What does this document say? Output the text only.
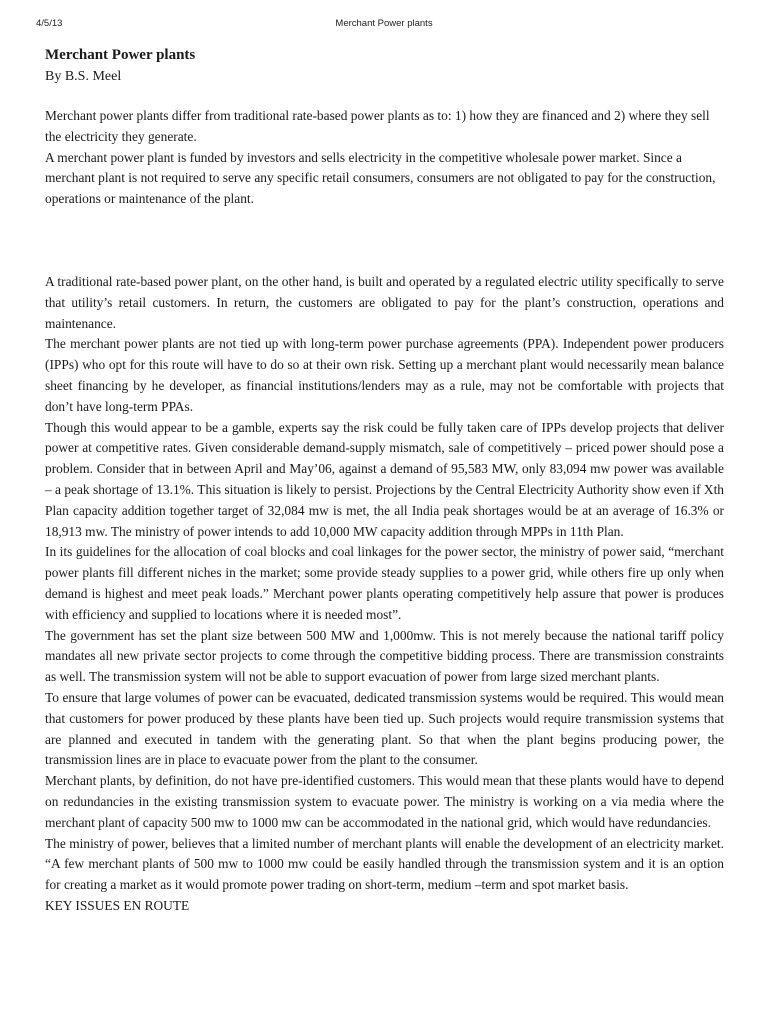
4/5/13	Merchant Power plants

Merchant Power plants

By B.S. Meel

Merchant power plants differ from traditional rate-based power plants as to: 1) how they are financed and 2) where they sell the electricity they generate.

A merchant power plant is funded by investors and sells electricity in the competitive wholesale power market. Since a merchant plant is not required to serve any specific retail consumers, consumers are not obligated to pay for the construction, operations or maintenance of the plant.

A traditional rate-based power plant, on the other hand, is built and operated by a regulated electric utility specifically to serve that utility’s retail customers. In return, the customers are obligated to pay for the plant’s construction, operations and maintenance.

The merchant power plants are not tied up with long-term power purchase agreements (PPA). Independent power producers (IPPs) who opt for this route will have to do so at their own risk. Setting up a merchant plant would necessarily mean balance sheet financing by he developer, as financial institutions/lenders may as a rule, may not be comfortable with projects that don’t have long-term PPAs.

Though this would appear to be a gamble, experts say the risk could be fully taken care of IPPs develop projects that deliver power at competitive rates. Given considerable demand-supply mismatch, sale of competitively – priced power should pose a problem. Consider that in between April and May’06, against a demand of 95,583 MW, only 83,094 mw power was available – a peak shortage of 13.1%. This situation is likely to persist. Projections by the Central Electricity Authority show even if Xth Plan capacity addition together target of 32,084 mw is met, the all India peak shortages would be at an average of 16.3% or 18,913 mw. The ministry of power intends to add 10,000 MW capacity addition through MPPs in 11th Plan.

In its guidelines for the allocation of coal blocks and coal linkages for the power sector, the ministry of power said, “merchant power plants fill different niches in the market; some provide steady supplies to a power grid, while others fire up only when demand is highest and meet peak loads.” Merchant power plants operating competitively help assure that power is produces with efficiency and supplied to locations where it is needed most”.

The government has set the plant size between 500 MW and 1,000mw. This is not merely because the national tariff policy mandates all new private sector projects to come through the competitive bidding process. There are transmission constraints as well. The transmission system will not be able to support evacuation of power from large sized merchant plants.

To ensure that large volumes of power can be evacuated, dedicated transmission systems would be required. This would mean that customers for power produced by these plants have been tied up. Such projects would require transmission systems that are planned and executed in tandem with the generating plant. So that when the plant begins producing power, the transmission lines are in place to evacuate power from the plant to the consumer.

Merchant plants, by definition, do not have pre-identified customers. This would mean that these plants would have to depend on redundancies in the existing transmission system to evacuate power. The ministry is working on a via media where the merchant plant of capacity 500 mw to 1000 mw can be accommodated in the national grid, which would have redundancies.

The ministry of power, believes that a limited number of merchant plants will enable the development of an electricity market. “A few merchant plants of 500 mw to 1000 mw could be easily handled through the transmission system and it is an option for creating a market as it would promote power trading on short-term, medium –term and spot market basis.

KEY ISSUES EN ROUTE
